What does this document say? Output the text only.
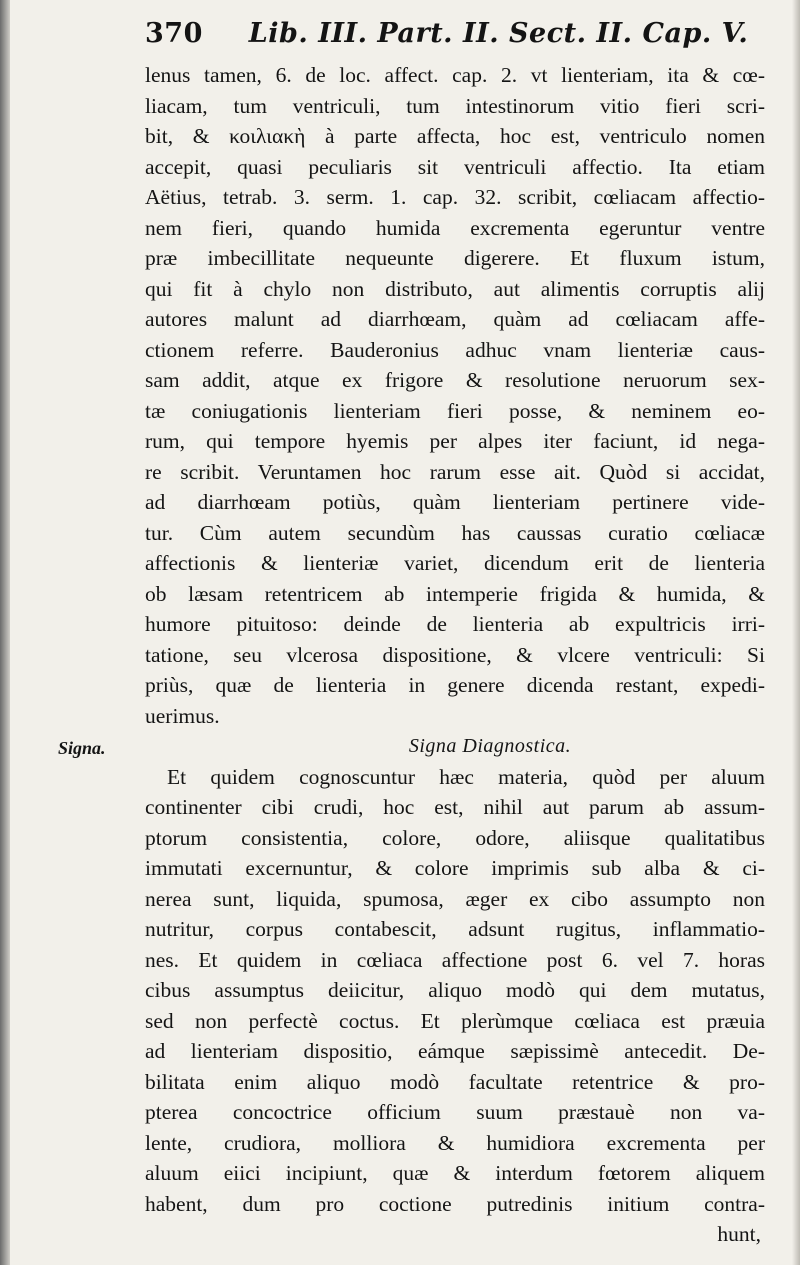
370 Lib. III. Part. II. Sect. II. Cap. V.
Signa.
lenus tamen, 6. de loc. affect. cap. 2. vt lienteriam, ita & cœ-
liacam, tum ventriculi, tum intestinorum vitio fieri scri-
bit, & κοιλιακὴ à parte affecta, hoc est, ventriculo nomen
accepit, quasi peculiaris sit ventriculi affectio. Ita etiam
Aëtius, tetrab. 3. serm. 1. cap. 32. scribit, cœliacam affectio-
nem fieri, quando humida excrementa egeruntur ventre
præ imbecillitate nequeunte digerere. Et fluxum istum,
qui fit à chylo non distributo, aut alimentis corruptis alij
autores malunt ad diarrhœam, quàm ad cœliacam affe-
ctionem referre. Bauderonius adhuc vnam lienteriæ caus-
sam addit, atque ex frigore & resolutione neruorum sex-
tæ coniugationis lienteriam fieri posse, & neminem eo-
rum, qui tempore hyemis per alpes iter faciunt, id nega-
re scribit. Veruntamen hoc rarum esse ait. Quòd si accidat,
ad diarrhœam potiùs, quàm lienteriam pertinere vide-
tur. Cùm autem secundùm has caussas curatio cœliacæ
affectionis & lienteriæ variet, dicendum erit de lienteria
ob læsam retentricem ab intemperie frigida & humida, &
humore pituitoso: deinde de lienteria ab expultricis irri-
tatione, seu vlcerosa dispositione, & vlcere ventriculi: Si
priùs, quæ de lienteria in genere dicenda restant, expedi-
uerimus.
Signa Diagnostica.
Et quidem cognoscuntur hæc materia, quòd per aluum
continenter cibi crudi, hoc est, nihil aut parum ab assum-
ptorum consistentia, colore, odore, aliisque qualitatibus
immutati excernuntur, & colore imprimis sub alba & ci-
nerea sunt, liquida, spumosa, æger ex cibo assumpto non
nutritur, corpus contabescit, adsunt rugitus, inflammatio-
nes. Et quidem in cœliaca affectione post 6. vel 7. horas
cibus assumptus deiicitur, aliquo modò qui dem mutatus,
sed non perfectè coctus. Et plerùmque cœliaca est præuia
ad lienteriam dispositio, eámque sæpissimè antecedit. De-
bilitata enim aliquo modò facultate retentrice & pro-
pterea concoctrice officium suum præstauè non va-
lente, crudiora, molliora & humidiora excrementa per
aluum eiici incipiunt, quæ & interdum fœtorem aliquem
habent, dum pro coctione putredinis initium contra-
hunt,
